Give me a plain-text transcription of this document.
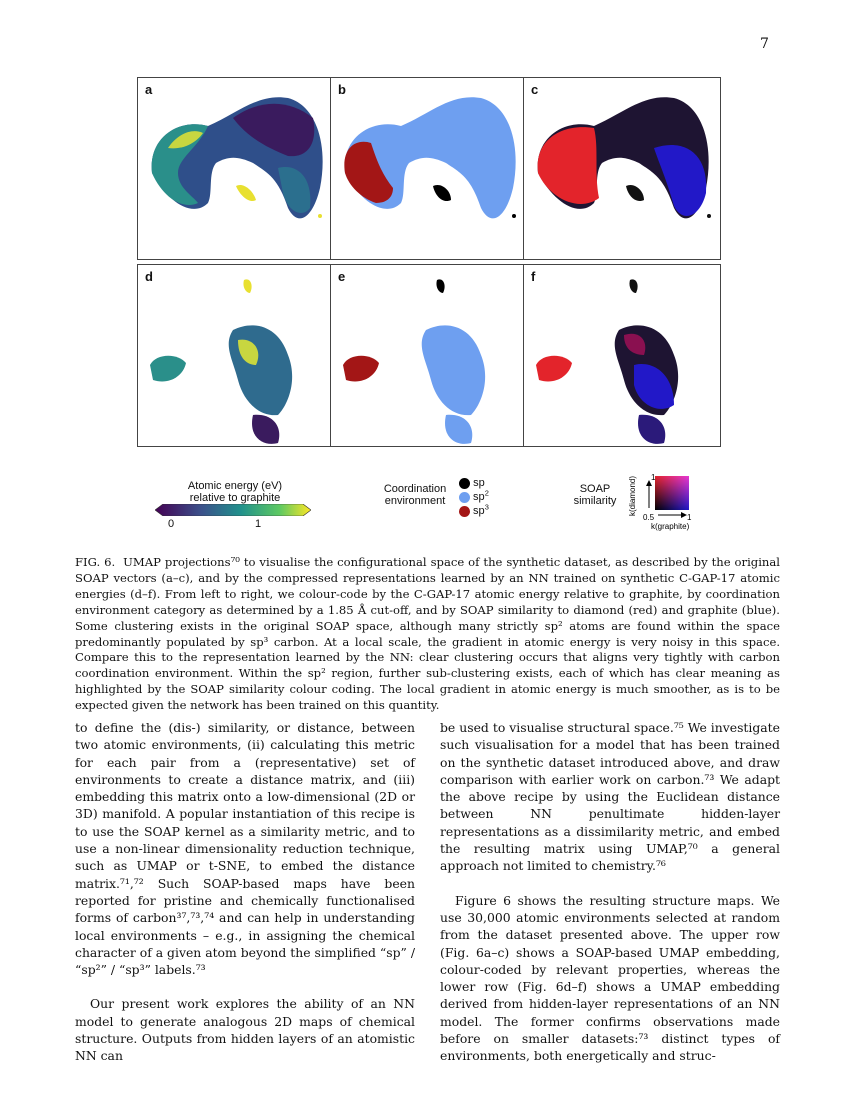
7
a	b	c
d	e	f
Atomic energy (eV)
relative to graphite
0	1
Coordination
environment
sp
$sp^2$
$sp^3$
SOAP
similarity	k(diamond) 1
0.5	1
k(graphite)
FIG. 6. UMAP projections⁷⁰ to visualise the configurational space of the synthetic dataset, as described by the original SOAP vectors (a–c), and by the compressed representations learned by an NN trained on synthetic C-GAP-17 atomic energies (d–f). From left to right, we colour-code by the C-GAP-17 atomic energy relative to graphite, by coordination environment category as determined by a 1.85 Å cut-off, and by SOAP similarity to diamond (red) and graphite (blue). Some clustering exists in the original SOAP space, although many strictly sp² atoms are found within the space predominantly populated by sp³ carbon. At a local scale, the gradient in atomic energy is very noisy in this space. Compare this to the representation learned by the NN: clear clustering occurs that aligns very tightly with carbon coordination environment. Within the sp² region, further sub-clustering exists, each of which has clear meaning as highlighted by the SOAP similarity colour coding. The local gradient in atomic energy is much smoother, as is to be expected given the network has been trained on this quantity.

to define the (dis-) similarity, or distance, between two atomic environments, (ii) calculating this metric for each pair from a (representative) set of environments to create a distance matrix, and (iii) embedding this matrix onto a low-dimensional (2D or 3D) manifold. A popular instantiation of this recipe is to use the SOAP kernel as a similarity metric, and to use a non-linear dimensionality reduction technique, such as UMAP or t-SNE, to embed the distance matrix.⁷¹,⁷² Such SOAP-based maps have been reported for pristine and chemically functionalised forms of carbon³⁷,⁷³,⁷⁴ and can help in understanding local environments – e.g., in assigning the chemical character of a given atom beyond the simplified “sp” / “sp²” / “sp³” labels.⁷³

Our present work explores the ability of an NN model to generate analogous 2D maps of chemical structure. Outputs from hidden layers of an atomistic NN can

be used to visualise structural space.⁷⁵ We investigate such visualisation for a model that has been trained on the synthetic dataset introduced above, and draw comparison with earlier work on carbon.⁷³ We adapt the above recipe by using the Euclidean distance between NN penultimate hidden-layer representations as a dissimilarity metric, and embed the resulting matrix using UMAP,⁷⁰ a general approach not limited to chemistry.⁷⁶

Figure 6 shows the resulting structure maps. We use 30,000 atomic environments selected at random from the dataset presented above. The upper row (Fig. 6a–c) shows a SOAP-based UMAP embedding, colour-coded by relevant properties, whereas the lower row (Fig. 6d–f) shows a UMAP embedding derived from hidden-layer representations of an NN model. The former confirms observations made before on smaller datasets:⁷³ distinct types of environments, both energetically and struc-
